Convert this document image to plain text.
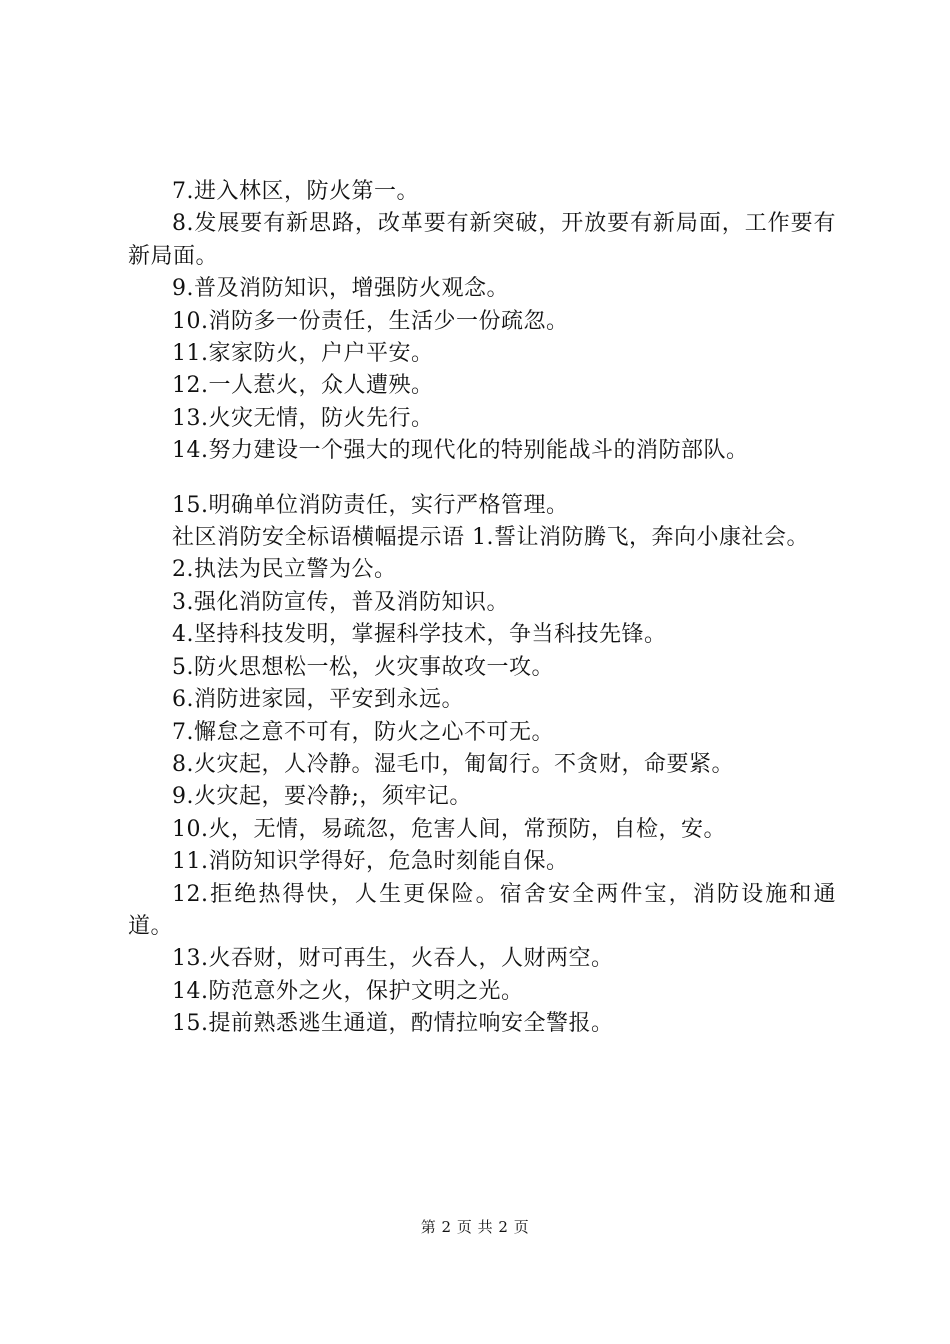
7.进入林区，防火第一。

8.发展要有新思路，改革要有新突破，开放要有新局面，工作要有新局面。

9.普及消防知识，增强防火观念。

10.消防多一份责任，生活少一份疏忽。

11.家家防火，户户平安。

12.一人惹火，众人遭殃。

13.火灾无情，防火先行。

14.努力建设一个强大的现代化的特别能战斗的消防部队。

15.明确单位消防责任，实行严格管理。

社区消防安全标语横幅提示语 1.誓让消防腾飞，奔向小康社会。

2.执法为民立警为公。

3.强化消防宣传，普及消防知识。

4.坚持科技发明，掌握科学技术，争当科技先锋。

5.防火思想松一松，火灾事故攻一攻。

6.消防进家园，平安到永远。

7.懈怠之意不可有，防火之心不可无。

8.火灾起，人冷静。湿毛巾，匍匐行。不贪财，命要紧。

9.火灾起，要冷静;，须牢记。

10.火，无情，易疏忽，危害人间，常预防，自检，安。

11.消防知识学得好，危急时刻能自保。

12.拒绝热得快，人生更保险。宿舍安全两件宝，消防设施和通道。

13.火吞财，财可再生，火吞人，人财两空。

14.防范意外之火，保护文明之光。

15.提前熟悉逃生通道，酌情拉响安全警报。

第 2 页 共 2 页
